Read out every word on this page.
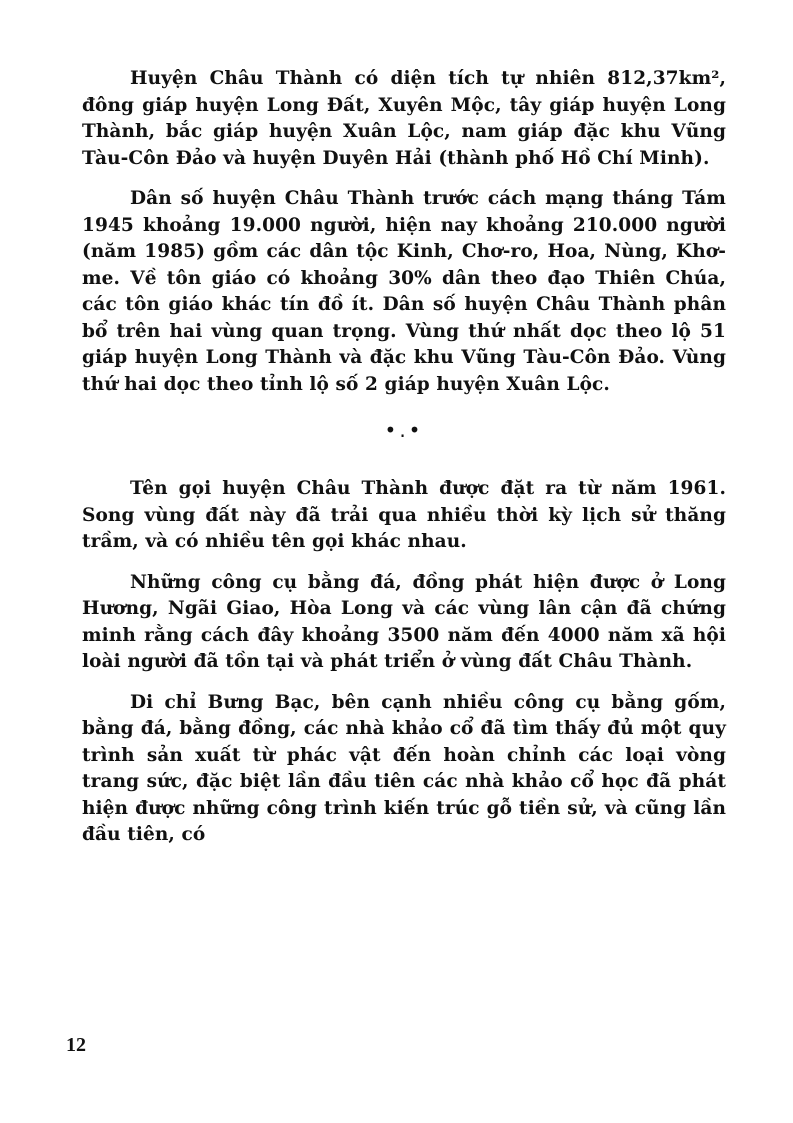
Huyện Châu Thành có diện tích tự nhiên 812,37km², đông giáp huyện Long Đất, Xuyên Mộc, tây giáp huyện Long Thành, bắc giáp huyện Xuân Lộc, nam giáp đặc khu Vũng Tàu-Côn Đảo và huyện Duyên Hải (thành phố Hồ Chí Minh).

Dân số huyện Châu Thành trước cách mạng tháng Tám 1945 khoảng 19.000 người, hiện nay khoảng 210.000 người (năm 1985) gồm các dân tộc Kinh, Chơ-ro, Hoa, Nùng, Khơ-me. Về tôn giáo có khoảng 30% dân theo đạo Thiên Chúa, các tôn giáo khác tín đồ ít. Dân số huyện Châu Thành phân bổ trên hai vùng quan trọng. Vùng thứ nhất dọc theo lộ 51 giáp huyện Long Thành và đặc khu Vũng Tàu-Côn Đảo. Vùng thứ hai dọc theo tỉnh lộ số 2 giáp huyện Xuân Lộc.

•.•

Tên gọi huyện Châu Thành được đặt ra từ năm 1961. Song vùng đất này đã trải qua nhiều thời kỳ lịch sử thăng trầm, và có nhiều tên gọi khác nhau.

Những công cụ bằng đá, đồng phát hiện được ở Long Hương, Ngãi Giao, Hòa Long và các vùng lân cận đã chứng minh rằng cách đây khoảng 3500 năm đến 4000 năm xã hội loài người đã tồn tại và phát triển ở vùng đất Châu Thành.

Di chỉ Bưng Bạc, bên cạnh nhiều công cụ bằng gốm, bằng đá, bằng đồng, các nhà khảo cổ đã tìm thấy đủ một quy trình sản xuất từ phác vật đến hoàn chỉnh các loại vòng trang sức, đặc biệt lần đầu tiên các nhà khảo cổ học đã phát hiện được những công trình kiến trúc gỗ tiền sử, và cũng lần đầu tiên, có

12
